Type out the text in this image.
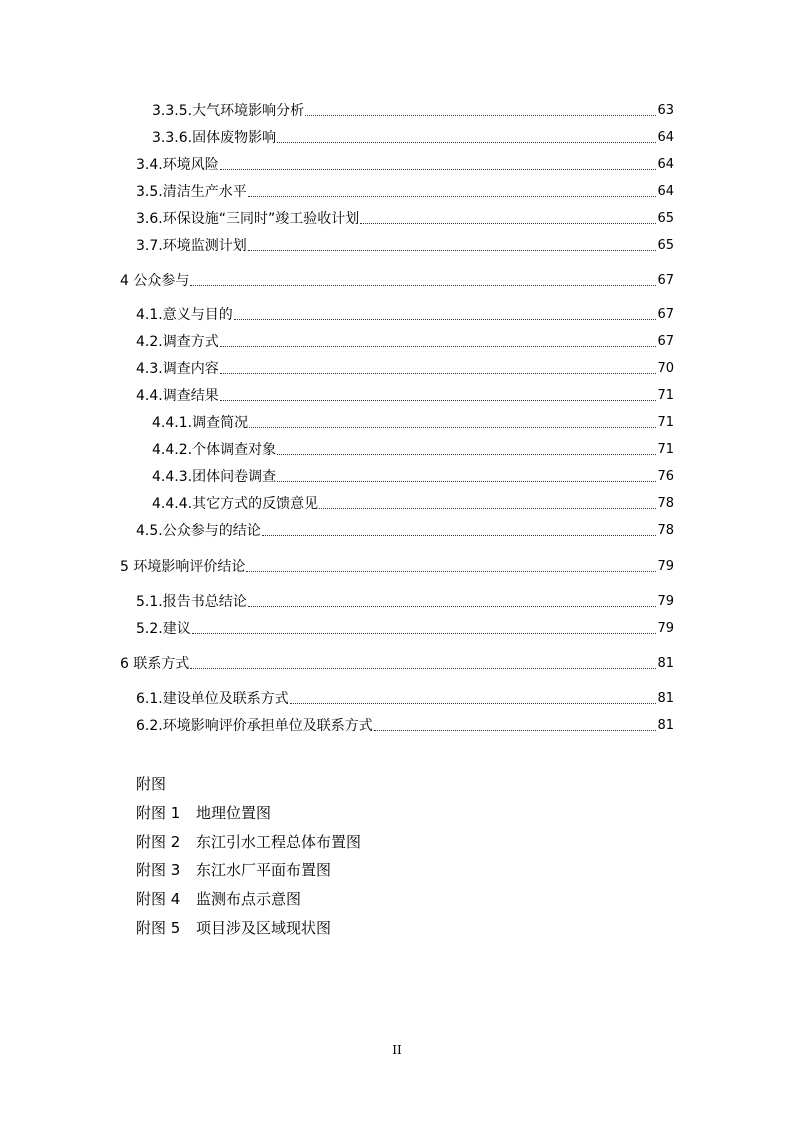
3.3.5. 大气环境影响分析	63
3.3.6. 固体废物影响	64
3.4. 环境风险	64
3.5. 清洁生产水平	64
3.6. 环保设施“三同时”竣工验收计划	65
3.7. 环境监测计划	65
4 公众参与	67
4.1. 意义与目的	67
4.2. 调查方式	67
4.3. 调查内容	70
4.4. 调查结果	71
4.4.1. 调查简况	71
4.4.2. 个体调查对象	71
4.4.3. 团体问卷调查	76
4.4.4. 其它方式的反馈意见	78
4.5. 公众参与的结论	78
5 环境影响评价结论	79
5.1. 报告书总结论	79
5.2. 建议	79
6 联系方式	81
6.1. 建设单位及联系方式	81
6.2. 环境影响评价承担单位及联系方式	81
附图
附图 1 地理位置图
附图 2 东江引水工程总体布置图
附图 3 东江水厂平面布置图
附图 4 监测布点示意图
附图 5 项目涉及区域现状图
II
